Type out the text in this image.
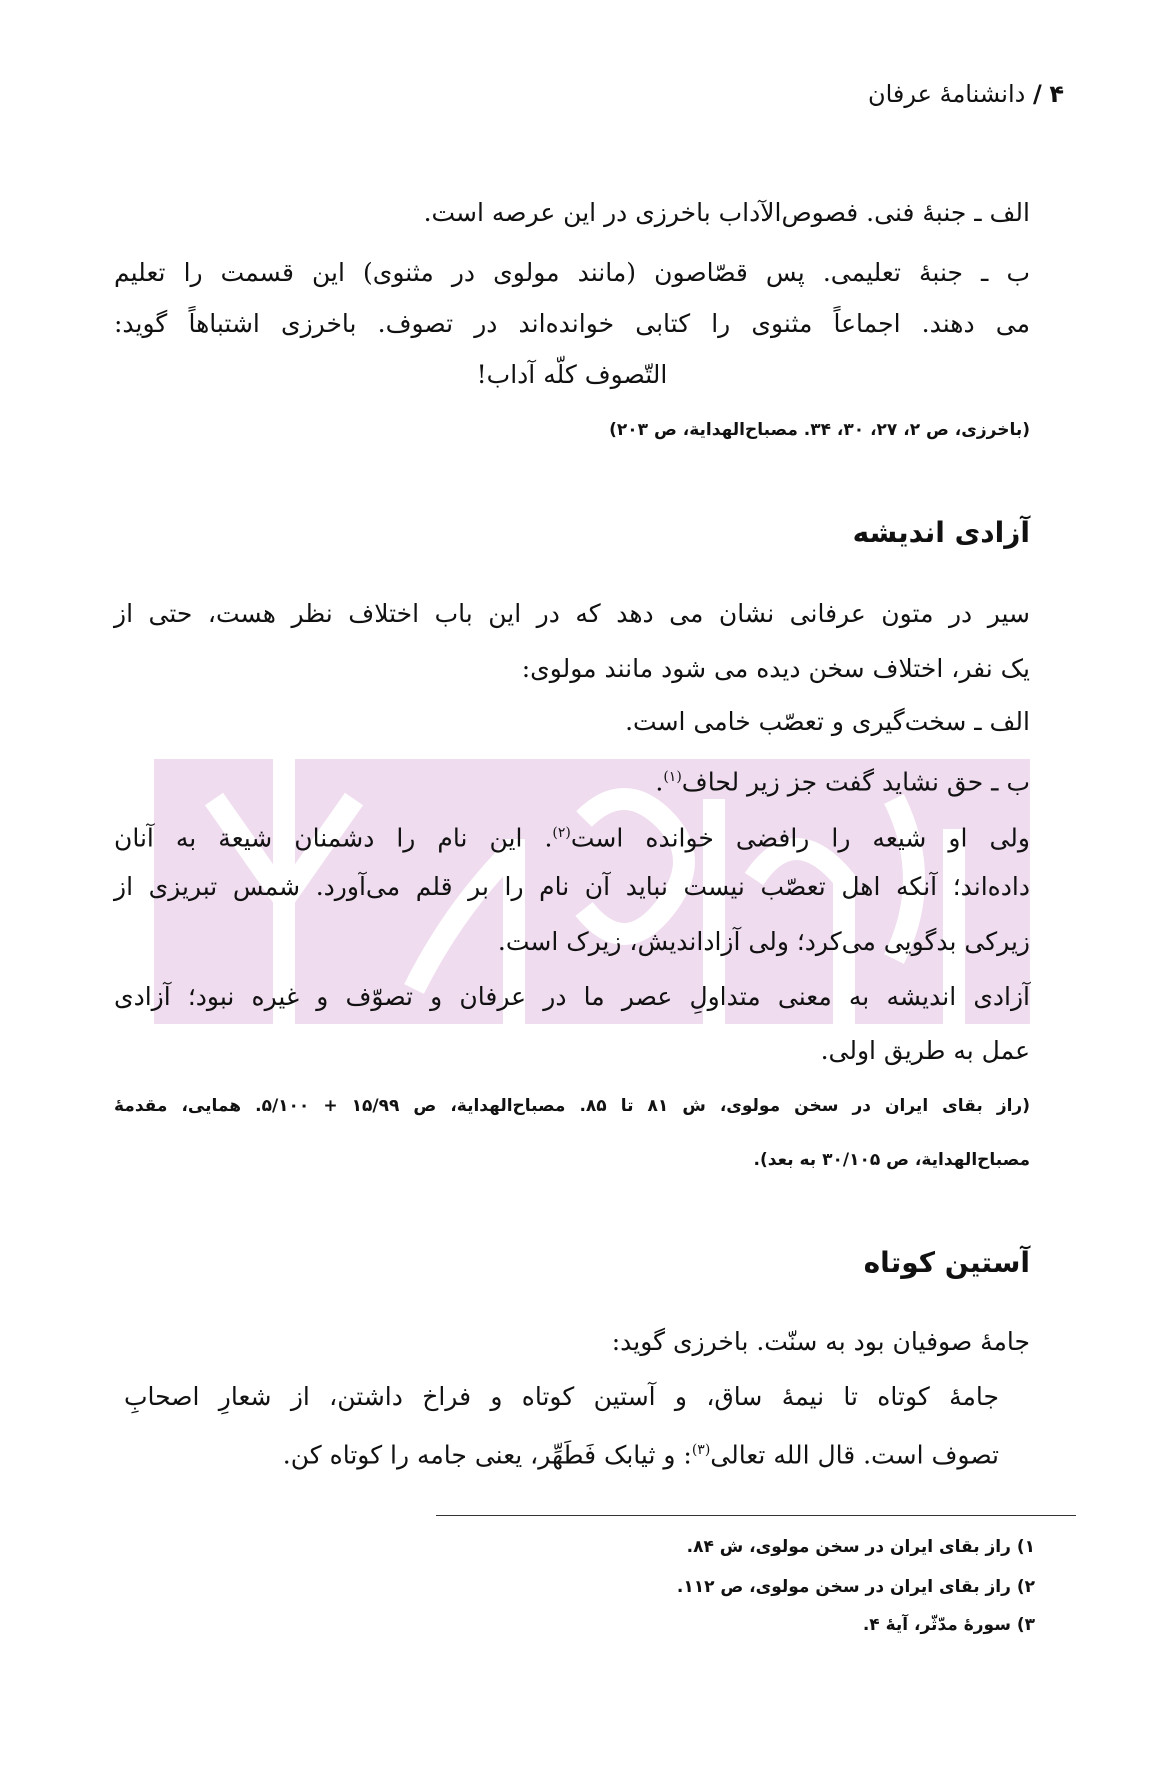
۴ / دانشنامهٔ عرفان
الف ـ جنبهٔ فنی. فصوص‌الآداب باخرزی در این عرصه است.
ب ـ جنبهٔ تعلیمی. پس قصّاصون (مانند مولوی در مثنوی) این قسمت را تعلیم
می دهند. اجماعاً مثنوی را کتابی خوانده‌اند در تصوف. باخرزی اشتباهاً گوید:
التّصوف کلّه آداب!
(باخرزی، ص ۲، ۲۷، ۳۰، ۳۴. مصباح‌الهدایة، ص ۲۰۳)
آزادی اندیشه
سیر در متون عرفانی نشان می دهد که در این باب اختلاف نظر هست، حتی از
یک نفر، اختلاف سخن دیده می شود مانند مولوی:
الف ـ سخت‌گیری و تعصّب خامی است.
ب ـ حق نشاید گفت جز زیر لحاف$^{(۱)}$.
ولی او شیعه را رافضی خوانده است$^{(۲)}$. این نام را دشمنان شیعة به آنان
داده‌اند؛ آنکه اهل تعصّب نیست نباید آن نام را بر قلم می‌آورد. شمس تبریزی از
زیرکی بدگویی می‌کرد؛ ولی آزاداندیش، زیرک است.
آزادی اندیشه به معنی متداولِ عصر ما در عرفان و تصوّف و غیره نبود؛ آزادی
عمل به طریق اولی.
(راز بقای ایران در سخن مولوی، ش ۸۱ تا ۸۵. مصباح‌الهدایة، ص ۱۵/۹۹ + ۵/۱۰۰. همایی، مقدمهٔ
مصباح‌الهدایة، ص ۳۰/۱۰۵ به بعد).
آستین کوتاه
جامهٔ صوفیان بود به سنّت. باخرزی گوید:
جامهٔ کوتاه تا نیمهٔ ساق، و آستین کوتاه و فراخ داشتن، از شعارِ اصحابِ
تصوف است. قال الله تعالی$^{(۳)}$: و ثیابک فَطَهِّر، یعنی جامه را کوتاه کن.
۱) راز بقای ایران در سخن مولوی، ش ۸۴.
۲) راز بقای ایران در سخن مولوی، ص ۱۱۲.
۳) سورهٔ مدّثّر، آیهٔ ۴.
